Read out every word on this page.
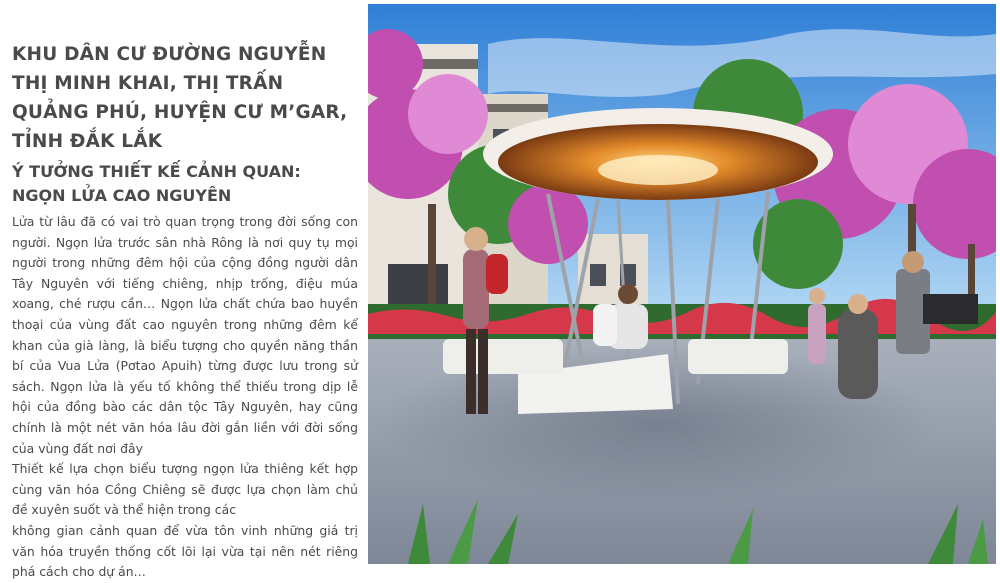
KHU DÂN CƯ ĐƯỜNG NGUYỄN THỊ MINH KHAI, THỊ TRẤN QUẢNG PHÚ, HUYỆN CƯ M’GAR, TỈNH ĐẮK LẮK
Ý TƯỞNG THIẾT KẾ CẢNH QUAN: NGỌN LỬA CAO NGUYÊN

Lửa từ lâu đã có vai trò quan trọng trong đời sống con người. Ngọn lửa trước sân nhà Rông là nơi quy tụ mọi người trong những đêm hội của cộng đồng người dân Tây Nguyên với tiếng chiêng, nhịp trống, điệu múa xoang, ché rượu cần… Ngọn lửa chất chứa bao huyền thoại của vùng đất cao nguyên trong những đêm kể khan của già làng, là biểu tượng cho quyền năng thần bí của Vua Lửa (Pơtao Apuih) từng được lưu trong sử sách. Ngọn lửa là yếu tố không thể thiếu trong dịp lễ hội của đồng bào các dân tộc Tây Nguyên, hay cũng chính là một nét văn hóa lâu đời gắn liền với đời sống của vùng đất nơi đây

Thiết kế lựa chọn biểu tượng ngọn lửa thiêng kết hợp cùng văn hóa Cồng Chiêng sẽ được lựa chọn làm chủ đề xuyên suốt và thể hiện trong các

không gian cảnh quan để vừa tôn vinh những giá trị văn hóa truyền thống cốt lõi lại vừa tại nên nét riêng phá cách cho dự án…
